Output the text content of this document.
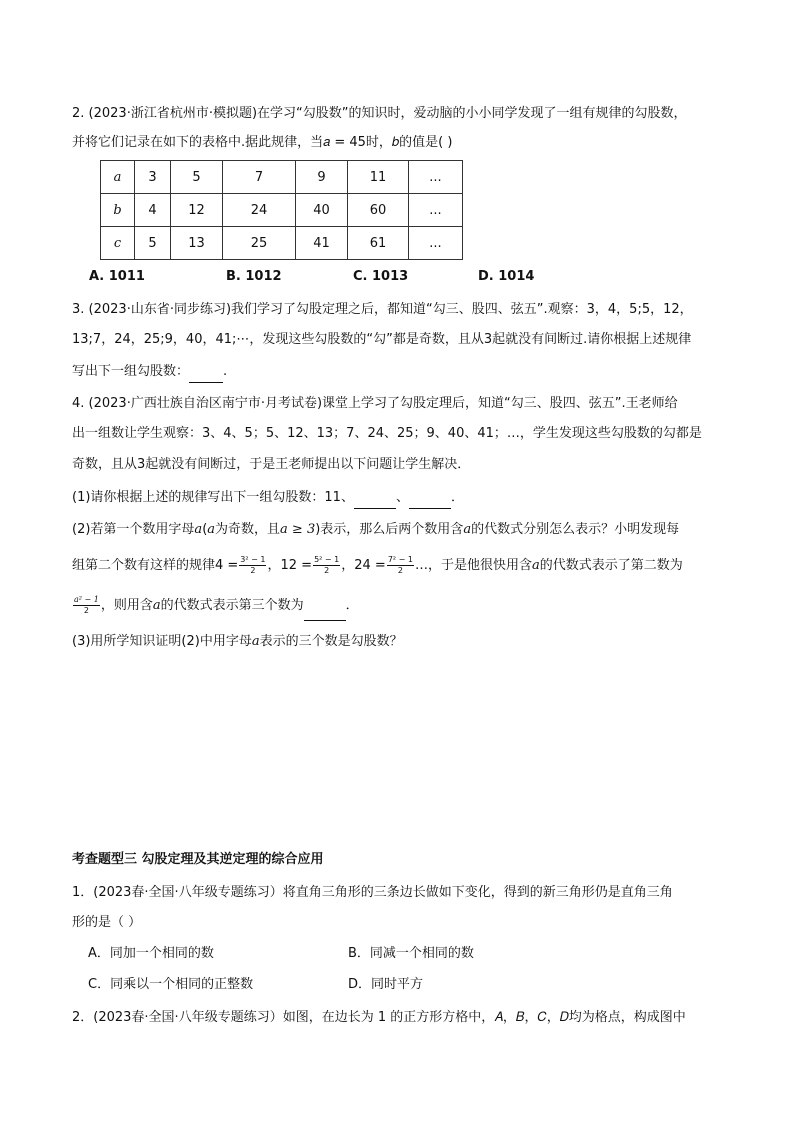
2. (2023·浙江省杭州市·模拟题)在学习“勾股数”的知识时，爱动脑的小小同学发现了一组有规律的勾股数，
并将它们记录在如下的表格中.据此规律，当𝑎 = 45时，𝑏的值是( )
a	3	5	7	9	11	...
b	4	12	24	40	60	...
c	5	13	25	41	61	...
A. 1011	B. 1012	C. 1013	D. 1014
3. (2023·山东省·同步练习)我们学习了勾股定理之后，都知道“勾三、股四、弦五”.观察：3，4，5;5，12，
13;7，24，25;9，40，41;⋯，发现这些勾股数的“勾”都是奇数，且从3起就没有间断过.请你根据上述规律
写出下一组勾股数：	.
4. (2023·广西壮族自治区南宁市·月考试卷)课堂上学习了勾股定理后，知道“勾三、股四、弦五”.王老师给
出一组数让学生观察：3、4、5；5、12、13；7、24、25；9、40、41；…，学生发现这些勾股数的勾都是
奇数，且从3起就没有间断过，于是王老师提出以下问题让学生解决．
(1)请你根据上述的规律写出下一组勾股数：11、	、	．
(2)若第一个数用字母𝑎(𝑎为奇数，且𝑎 ≥ 3)表示，那么后两个数用含𝑎的代数式分别怎么表示？小明发现每
组第二个数有这样的规律$4 = \frac{\text{3² − 1}}{2}$ ，$12 = \frac{\text{5² − 1}}{2}$ ，$24 = \frac{\text{7² − 1}}{2}$ …，于是他很快用含𝑎的代数式表示了第二数为
$\frac{\text{a² − 1}}{2}$ ，则用含𝑎的代数式表示第三个数为	．
(3)用所学知识证明(2)中用字母𝑎表示的三个数是勾股数？
考查题型三 勾股定理及其逆定理的综合应用
1．(2023春·全国·八年级专题练习）将直角三角形的三条边长做如下变化，得到的新三角形仍是直角三角
形的是（ ）
A．同加一个相同的数	B．同减一个相同的数
C．同乘以一个相同的正整数	D．同时平方
2．(2023春·全国·八年级专题练习）如图，在边长为 1 的正方形方格中，𝐴，𝐵，𝐶，𝐷均为格点，构成图中
